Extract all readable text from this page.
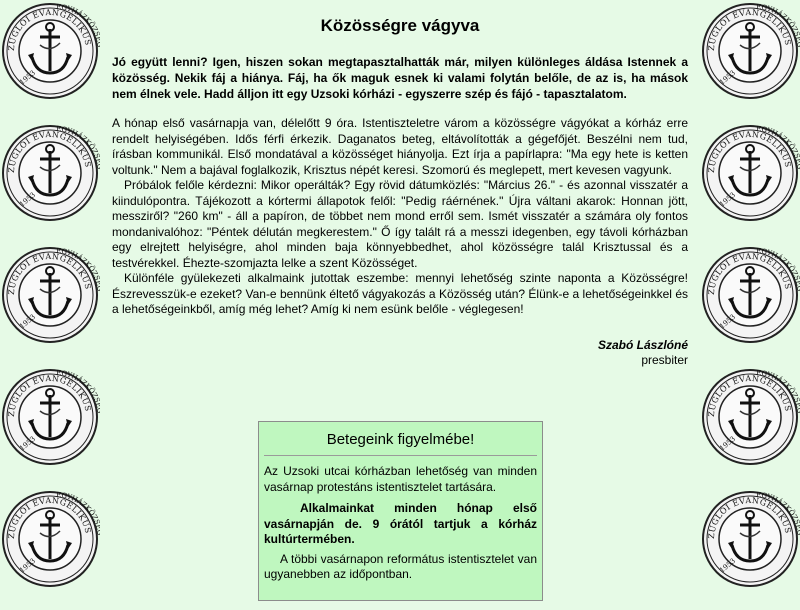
Közösségre vágyva

Jó együtt lenni? Igen, hiszen sokan megtapasztalhatták már, milyen különleges áldása Istennek a közösség. Nekik fáj a hiánya. Fáj, ha ők maguk esnek ki valami folytán belőle, de az is, ha mások nem élnek vele. Hadd álljon itt egy Uzsoki kórházi - egyszerre szép és fájó - tapasztalatom.

A hónap első vasárnapja van, délelőtt 9 óra. Istentiszteletre várom a közösségre vágyókat a kórház erre rendelt helyiségében. Idős férfi érkezik. Daganatos beteg, eltávolították a gégefőjét. Beszélni nem tud, írásban kommunikál. Első mondatával a közösséget hiányolja. Ezt írja a papírlapra: "Ma egy hete is ketten voltunk." Nem a bajával foglalkozik, Krisztus népét keresi. Szomorú és meglepett, mert kevesen vagyunk.

Próbálok felőle kérdezni: Mikor operálták? Egy rövid dátumközlés: "Március 26." - és azonnal visszatér a kiindulópontra. Tájékozott a kórtermi állapotok felől: "Pedig ráérnének." Újra váltani akarok: Honnan jött, messziről? "260 km" - áll a papíron, de többet nem mond erről sem. Ismét visszatér a számára oly fontos mondanivalóhoz: "Péntek délután megkerestem." Ő így talált rá a messzi idegenben, egy távoli kórházban egy elrejtett helyiségre, ahol minden baja könnyebbedhet, ahol közösségre talál Krisztussal és a testvérekkel. Éhezte-szomjazta lelke a szent Közösséget.

Különféle gyülekezeti alkalmaink jutottak eszembe: mennyi lehetőség szinte naponta a Közösségre! Észrevesszük-e ezeket? Van-e bennünk éltető vágyakozás a Közösség után? Élünk-e a lehetőségeinkkel és a lehetőségeinkből, amíg még lehet? Amíg ki nem esünk belőle - véglegesen!

Szabó Lászlóné
presbiter
Betegeink figyelmébe!

Az Uzsoki utcai kórházban lehetőség van minden vasárnap protestáns istentisztelet tartására.

Alkalmainkat minden hónap első vasárnapján de. 9 órától tartjuk a kórház kultúrtermében.

A többi vasárnapon református istentisztelet van ugyanebben az időpontban.
